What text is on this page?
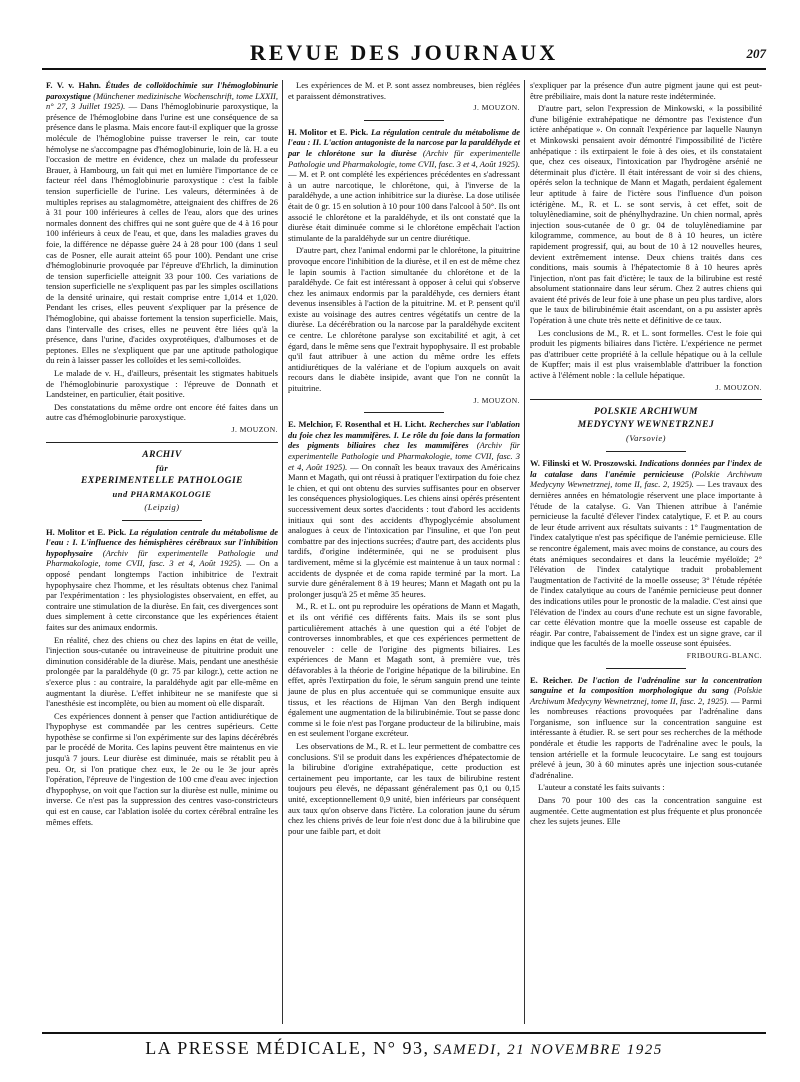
REVUE DES JOURNAUX	207

F. V. v. Hahn. Études de colloïdochimie sur l'hémoglobinurie paroxystique (Münchener medizinische Wochenschrift, tome LXXII, n° 27, 3 Juillet 1925). — Dans l'hémoglobinurie paroxystique, la présence de l'hémoglobine dans l'urine est une conséquence de sa présence dans le plasma. Mais encore faut-il expliquer que la grosse molécule de l'hémoglobine puisse traverser le rein, car toute hémolyse ne s'accompagne pas d'hémoglobinurie, loin de là. H. a eu l'occasion de mettre en évidence, chez un malade du professeur Brauer, à Hambourg, un fait qui met en lumière l'importance de ce facteur réel dans l'hémoglobinurie paroxystique : c'est la faible tension superficielle de l'urine. Les valeurs, déterminées à de multiples reprises au stalagmomètre, atteignaient des chiffres de 26 à 31 pour 100 inférieures à celles de l'eau, alors que des urines normales donnent des chiffres qui ne sont guère que de 4 à 16 pour 100 inférieurs à ceux de l'eau, et que, dans les maladies graves du foie, la différence ne dépasse guère 24 à 28 pour 100 (dans 1 seul cas de Posner, elle aurait atteint 65 pour 100). Pendant une crise d'hémoglobinurie provoquée par l'épreuve d'Ehrlich, la diminution de tension superficielle atteignit 33 pour 100. Ces variations de tension superficielle ne s'expliquent pas par les simples oscillations de la densité urinaire, qui restait comprise entre 1,014 et 1,020. Pendant les crises, elles peuvent s'expliquer par la présence de l'hémoglobine, qui abaisse fortement la tension superficielle. Mais, dans l'intervalle des crises, elles ne peuvent être liées qu'à la présence, dans l'urine, d'acides oxyprotéiques, d'albumoses et de peptones. Elles ne s'expliquent que par une aptitude pathologique du rein à laisser passer les colloïdes et les semi-colloïdes.

Le malade de v. H., d'ailleurs, présentait les stigmates habituels de l'hémoglobinurie paroxystique : l'épreuve de Donnath et Landsteiner, en particulier, était positive.

Des constatations du même ordre ont encore été faites dans un autre cas d'hémoglobinurie paroxystique.

J. MOUZON.
ARCHIV
für
EXPERIMENTELLE PATHOLOGIE
und PHARMAKOLOGIE
(Leipzig)

H. Molitor et E. Pick. La régulation centrale du métabolisme de l'eau : I. L'influence des hémisphères cérébraux sur l'inhibition hypophysaire (Archiv für experimentelle Pathologie und Pharmakologie, tome CVII, fasc. 3 et 4, Août 1925). — On a opposé pendant longtemps l'action inhibitrice de l'extrait hypophysaire chez l'homme, et les résultats obtenus chez l'animal par l'expérimentation : les physiologistes observaient, en effet, au contraire une stimulation de la diurèse. En fait, ces divergences sont dues simplement à cette circonstance que les expériences étaient faites sur des animaux endormis.

En réalité, chez des chiens ou chez des lapins en état de veille, l'injection sous-cutanée ou intraveineuse de pituitrine produit une diminution considérable de la diurèse. Mais, pendant une anesthésie prolongée par la paraldéhyde (0 gr. 75 par kilogr.), cette action ne s'exerce plus : au contraire, la paraldéhyde agit par elle-même en augmentant la diurèse. L'effet inhibiteur ne se manifeste que si l'anesthésie est incomplète, ou bien au moment où elle disparaît.

Ces expériences donnent à penser que l'action antidiurétique de l'hypophyse est commandée par les centres supérieurs. Cette hypothèse se confirme si l'on expérimente sur des lapins décérébrés par le procédé de Morita. Ces lapins peuvent être maintenus en vie jusqu'à 7 jours. Leur diurèse est diminuée, mais se rétablit peu à peu. Or, si l'on pratique chez eux, le 2e ou le 3e jour après l'opération, l'épreuve de l'ingestion de 100 cme d'eau avec injection d'hypophyse, on voit que l'action sur la diurèse est nulle, minime ou inverse. Ce n'est pas la suppression des centres vaso-constricteurs qui est en cause, car l'ablation isolée du cortex cérébral entraîne les mêmes effets.

Les expériences de M. et P. sont assez nombreuses, bien réglées et paraissent démonstratives.

J. MOUZON.

H. Molitor et E. Pick. La régulation centrale du métabolisme de l'eau : II. L'action antagoniste de la narcose par la paraldéhyde et par le chlorétone sur la diurèse (Archiv für experimentelle Pathologie und Pharmakologie, tome CVII, fasc. 3 et 4, Août 1925). — M. et P. ont complété les expériences précédentes en s'adressant à un autre narcotique, le chlorétone, qui, à l'inverse de la paraldéhyde, a une action inhibitrice sur la diurèse. La dose utilisée était de 0 gr. 15 en solution à 10 pour 100 dans l'alcool à 50°. Ils ont associé le chlorétone et la paraldéhyde, et ils ont constaté que la diurèse était diminuée comme si le chlorétone empêchait l'action stimulante de la paraldéhyde sur un centre diurétique.

D'autre part, chez l'animal endormi par le chlorétone, la pituitrine provoque encore l'inhibition de la diurèse, et il en est de même chez le lapin soumis à l'action simultanée du chlorétone et de la paraldéhyde. Ce fait est intéressant à opposer à celui qui s'observe chez les animaux endormis par la paraldéhyde, ces derniers étant devenus insensibles à l'action de la pituitrine. M. et P. pensent qu'il existe au voisinage des autres centres végétatifs un centre de la diurèse. La décérébration ou la narcose par la paraldéhyde excitent ce centre. Le chlorétone paralyse son excitabilité et agit, à cet égard, dans le même sens que l'extrait hypophysaire. Il est probable qu'il faut attribuer à une action du même ordre les effets antidiurétiques de la valériane et de l'opium auxquels on avait recours dans le diabète insipide, avant que l'on ne connût la pituitrine.

J. MOUZON.

E. Melchior, F. Rosenthal et H. Licht. Recherches sur l'ablation du foie chez les mammifères. I. Le rôle du foie dans la formation des pigments biliaires chez les mammifères (Archiv für experimentelle Pathologie und Pharmakologie, tome CVII, fasc. 3 et 4, Août 1925). — On connaît les beaux travaux des Américains Mann et Magath, qui ont réussi à pratiquer l'extirpation du foie chez le chien, et qui ont obtenu des survies suffisantes pour en observer les conséquences physiologiques. Les chiens ainsi opérés présentent successivement deux sortes d'accidents : tout d'abord les accidents initiaux qui sont des accidents d'hypoglycémie absolument analogues à ceux de l'intoxication par l'insuline, et que l'on peut combattre par des injections sucrées; d'autre part, des accidents plus tardifs, d'origine indéterminée, qui ne se produisent plus tardivement, même si la glycémie est maintenue à un taux normal : accidents de dyspnée et de coma rapide terminé par la mort. La survie dure généralement 8 à 19 heures; Mann et Magath ont pu la prolonger jusqu'à 25 et même 35 heures.

M., R. et L. ont pu reproduire les opérations de Mann et Magath, et ils ont vérifié ces différents faits. Mais ils se sont plus particulièrement attachés à une question qui a été l'objet de controverses innombrables, et que ces expériences permettent de renouveler : celle de l'origine des pigments biliaires. Les expériences de Mann et Magath sont, à première vue, très défavorables à la théorie de l'origine hépatique de la bilirubine. En effet, après l'extirpation du foie, le sérum sanguin prend une teinte jaune de plus en plus accentuée qui se communique ensuite aux tissus, et les réactions de Hijman Van den Bergh indiquent également une augmentation de la bilirubinémie. Tout se passe donc comme si le foie n'est pas l'organe producteur de la bilirubine, mais en est seulement l'organe excréteur.

Les observations de M., R. et L. leur permettent de combattre ces conclusions. S'il se produit dans les expériences d'hépatectomie de la bilirubine d'origine extrahépatique, cette production est certainement peu importante, car les taux de bilirubine restent toujours peu élevés, ne dépassant généralement pas 0,1 ou 0,15 unité, exceptionnellement 0,9 unité, bien inférieurs par conséquent aux taux qu'on observe dans l'ictère. La coloration jaune du sérum chez les chiens privés de leur foie n'est donc due à la bilirubine que pour une faible part, et doit

s'expliquer par la présence d'un autre pigment jaune qui est peut-être prébiliaire, mais dont la nature reste indéterminée.

D'autre part, selon l'expression de Minkowski, « la possibilité d'une biligénie extrahépatique ne démontre pas l'existence d'un ictère anhépatique ». On connaît l'expérience par laquelle Naunyn et Minkowski pensaient avoir démontré l'impossibilité de l'ictère anhépatique : ils extirpaient le foie à des oies, et ils constataient que, chez ces oiseaux, l'intoxication par l'hydrogène arsénié ne déterminait plus d'ictère. Il était intéressant de voir si des chiens, opérés selon la technique de Mann et Magath, perdaient également leur aptitude à faire de l'ictère sous l'influence d'un poison ictérigène. M., R. et L. se sont servis, à cet effet, soit de toluylènediamine, soit de phénylhydrazine. Un chien normal, après injection sous-cutanée de 0 gr. 04 de toluylènediamine par kilogramme, commence, au bout de 8 à 10 heures, un ictère rapidement progressif, qui, au bout de 10 à 12 nouvelles heures, devient extrêmement intense. Deux chiens traités dans ces conditions, mais soumis à l'hépatectomie 8 à 10 heures après l'injection, n'ont pas fait d'ictère; le taux de la bilirubine est resté absolument stationnaire dans leur sérum. Chez 2 autres chiens qui avaient été privés de leur foie à une phase un peu plus tardive, alors que le taux de bilirubinémie était ascendant, on a pu assister après l'opération à une chute très nette et définitive de ce taux.

Les conclusions de M., R. et L. sont formelles. C'est le foie qui produit les pigments biliaires dans l'ictère. L'expérience ne permet pas d'attribuer cette propriété à la cellule hépatique ou à la cellule de Kupffer; mais il est plus vraisemblable d'attribuer la fonction active à l'élément noble : la cellule hépatique.

J. MOUZON.
POLSKIE ARCHIWUM
MEDYCYNY WEWNETRZNEJ
(Varsovie)

W. Filinski et W. Proszowski. Indications données par l'index de la catalase dans l'anémie pernicieuse (Polskie Archiwum Medycyny Wewnetrznej, tome II, fasc. 2, 1925). — Les travaux des dernières années en hématologie réservent une place importante à l'étude de la catalyse. G. Van Thienen attribue à l'anémie pernicieuse la faculté d'élever l'index catalytique, F. et P. au cours de leur étude arrivent aux résultats suivants : 1° l'augmentation de l'index catalytique n'est pas spécifique de l'anémie pernicieuse. Elle se rencontre également, mais avec moins de constance, au cours des états anémiques secondaires et dans la leucémie myéloïde; 2° l'élévation de l'index catalytique traduit probablement l'augmentation de l'activité de la moelle osseuse; 3° l'étude répétée de l'index catalytique au cours de l'anémie pernicieuse peut donner des indications utiles pour le pronostic de la maladie. C'est ainsi que l'élévation de l'index au cours d'une rechute est un signe favorable, car cette élévation montre que la moelle osseuse est capable de réagir. Par contre, l'abaissement de l'index est un signe grave, car il indique que les facultés de la moelle osseuse sont épuisées.

FRIBOURG-BLANC.

E. Reicher. De l'action de l'adrénaline sur la concentration sanguine et la composition morphologique du sang (Polskie Archiwum Medycyny Wewnetrznej, tome II, fasc. 2, 1925). — Parmi les nombreuses réactions provoquées par l'adrénaline dans l'organisme, son influence sur la concentration sanguine est intéressante à étudier. R. se sert pour ses recherches de la méthode pondérale et étudie les rapports de l'adrénaline avec le pouls, la tension artérielle et la formule leucocytaire. Le sang est toujours prélevé à jeun, 30 à 60 minutes après une injection sous-cutanée d'adrénaline.

L'auteur a constaté les faits suivants :

Dans 70 pour 100 des cas la concentration sanguine est augmentée. Cette augmentation est plus fréquente et plus prononcée chez les sujets jeunes. Elle

LA PRESSE MÉDICALE, N° 93, SAMEDI, 21 NOVEMBRE 1925
